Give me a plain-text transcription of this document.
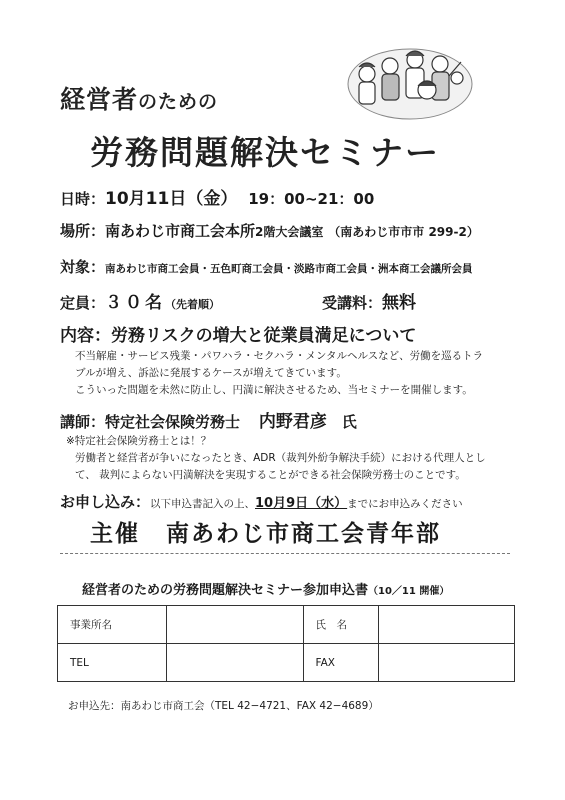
経営者のための
労務問題解決セミナー
日時：10月11日（金） 19：00∼21：00
場所：南あわじ市商工会本所2階大会議室 （南あわじ市市市 299-2）
対象：南あわじ市商工会員・五色町商工会員・淡路市商工会員・洲本商工会議所会員
定員：３０名（先着順）	受講料：無料
内容：労務リスクの増大と従業員満足について
不当解雇・サービス残業・パワハラ・セクハラ・メンタルヘルスなど、労働を巡るトラ
ブルが増え、訴訟に発展するケースが増えてきています。
こういった問題を未然に防止し、円満に解決させるため、当セミナーを開催します。
講師：特定社会保険労務士 内野君彦 氏
※特定社会保険労務士とは！？
労働者と経営者が争いになったとき、ADR（裁判外紛争解決手続）における代理人とし
て、 裁判によらない円満解決を実現することができる社会保険労務士のことです。
お申し込み：以下申込書記入の上、10月9日（水）までにお申込みください
主催 南あわじ市商工会青年部
経営者のための労務問題解決セミナー参加申込書（10／11 開催）
事業所名		氏　名	
TEL		FAX	
お申込先：南あわじ市商工会（TEL 42−4721、FAX 42−4689）
